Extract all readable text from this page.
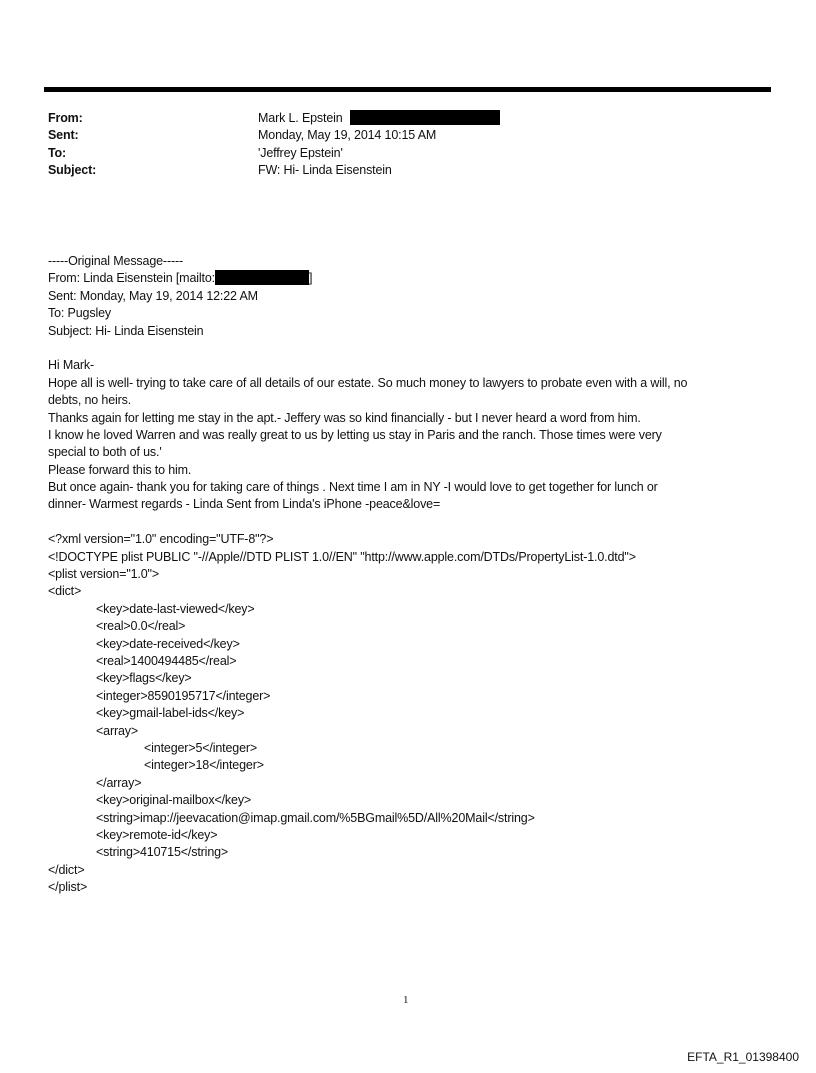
From:	Mark L. Epstein
Sent:	Monday, May 19, 2014 10:15 AM
To:	'Jeffrey Epstein'
Subject:	FW: Hi- Linda Eisenstein
-----Original Message-----
From: Linda Eisenstein [mailto:	]
Sent: Monday, May 19, 2014 12:22 AM
To: Pugsley
Subject: Hi- Linda Eisenstein
Hi Mark-
Hope all is well- trying to take care of all details of our estate. So much money to lawyers to probate even with a will, no
debts, no heirs.
Thanks again for letting me stay in the apt.- Jeffery was so kind financially - but I never heard a word from him.
I know he loved Warren and was really great to us by letting us stay in Paris and the ranch. Those times were very
special to both of us.'
Please forward this to him.
But once again- thank you for taking care of things . Next time I am in NY -I would love to get together for lunch or
dinner- Warmest regards - Linda Sent from Linda's iPhone -peace&love=
<?xml version="1.0" encoding="UTF-8"?>
<!DOCTYPE plist PUBLIC "-//Apple//DTD PLIST 1.0//EN" "http://www.apple.com/DTDs/PropertyList-1.0.dtd">
<plist version="1.0">
<dict>
<key>date-last-viewed</key>
<real>0.0</real>
<key>date-received</key>
<real>1400494485</real>
<key>flags</key>
<integer>8590195717</integer>
<key>gmail-label-ids</key>
<array>
<integer>5</integer>
<integer>18</integer>
</array>
<key>original-mailbox</key>
<string>imap://jeevacation@imap.gmail.com/%5BGmail%5D/All%20Mail</string>
<key>remote-id</key>
<string>410715</string>
</dict>
</plist>
1
EFTA_R1_01398400
